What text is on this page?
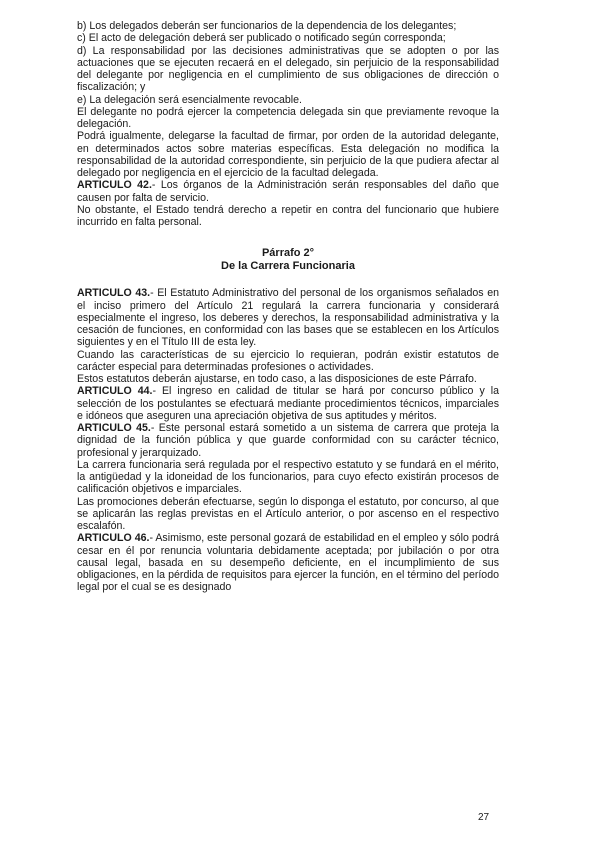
b) Los delegados deberán ser funcionarios de la dependencia de los delegantes;

c) El acto de delegación deberá ser publicado o notificado según corresponda;

d) La responsabilidad por las decisiones administrativas que se adopten o por las actuaciones que se ejecuten recaerá en el delegado, sin perjuicio de la responsabilidad del delegante por negligencia en el cumplimiento de sus obligaciones de dirección o fiscalización; y

e) La delegación será esencialmente revocable.

El delegante no podrá ejercer la competencia delegada sin que previamente revoque la delegación.

Podrá igualmente, delegarse la facultad de firmar, por orden de la autoridad delegante, en determinados actos sobre materias específicas. Esta delegación no modifica la responsabilidad de la autoridad correspondiente, sin perjuicio de la que pudiera afectar al delegado por negligencia en el ejercicio de la facultad delegada.

ARTICULO 42.- Los órganos de la Administración serán responsables del daño que causen por falta de servicio.

No obstante, el Estado tendrá derecho a repetir en contra del funcionario que hubiere incurrido en falta personal.

Párrafo 2°

De la Carrera Funcionaria

ARTICULO 43.- El Estatuto Administrativo del personal de los organismos señalados en el inciso primero del Artículo 21 regulará la carrera funcionaria y considerará especialmente el ingreso, los deberes y derechos, la responsabilidad administrativa y la cesación de funciones, en conformidad con las bases que se establecen en los Artículos siguientes y en el Título III de esta ley.

Cuando las características de su ejercicio lo requieran, podrán existir estatutos de carácter especial para determinadas profesiones o actividades.

Estos estatutos deberán ajustarse, en todo caso, a las disposiciones de este Párrafo.

ARTICULO 44.- El ingreso en calidad de titular se hará por concurso público y la selección de los postulantes se efectuará mediante procedimientos técnicos, imparciales e idóneos que aseguren una apreciación objetiva de sus aptitudes y méritos.

ARTICULO 45.- Este personal estará sometido a un sistema de carrera que proteja la dignidad de la función pública y que guarde conformidad con su carácter técnico, profesional y jerarquizado.

La carrera funcionaria será regulada por el respectivo estatuto y se fundará en el mérito, la antigüedad y la idoneidad de los funcionarios, para cuyo efecto existirán procesos de calificación objetivos e imparciales.

Las promociones deberán efectuarse, según lo disponga el estatuto, por concurso, al que se aplicarán las reglas previstas en el Artículo anterior, o por ascenso en el respectivo escalafón.

ARTICULO 46.- Asimismo, este personal gozará de estabilidad en el empleo y sólo podrá cesar en él por renuncia voluntaria debidamente aceptada; por jubilación o por otra causal legal, basada en su desempeño deficiente, en el incumplimiento de sus obligaciones, en la pérdida de requisitos para ejercer la función, en el término del período legal por el cual se es designado

27
